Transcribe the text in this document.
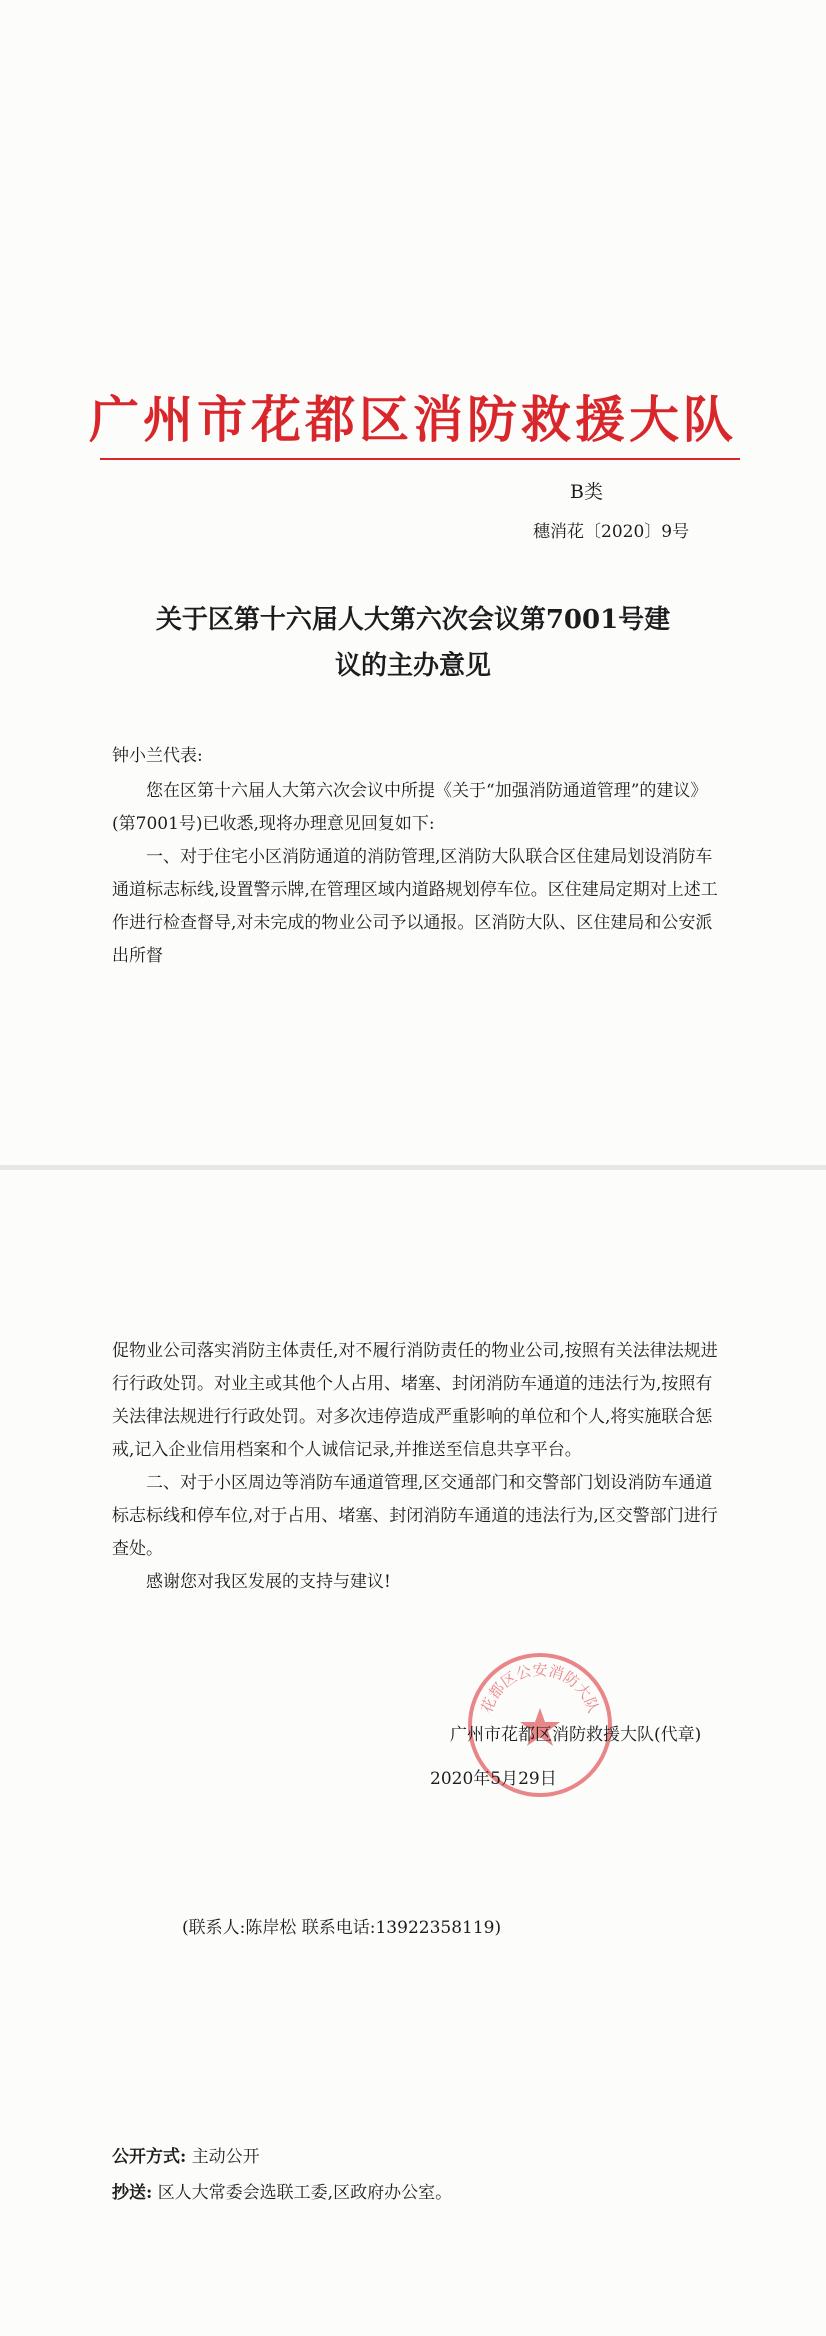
广州市花都区消防救援大队
B类
穗消花〔2020〕9号
关于区第十六届人大第六次会议第7001号建
议的主办意见
钟小兰代表:

您在区第十六届人大第六次会议中所提《关于“加强消防通道管理”的建议》(第7001号)已收悉,现将办理意见回复如下:

一、对于住宅小区消防通道的消防管理,区消防大队联合区住建局划设消防车通道标志标线,设置警示牌,在管理区域内道路规划停车位。区住建局定期对上述工作进行检查督导,对未完成的物业公司予以通报。区消防大队、区住建局和公安派出所督

促物业公司落实消防主体责任,对不履行消防责任的物业公司,按照有关法律法规进行行政处罚。对业主或其他个人占用、堵塞、封闭消防车通道的违法行为,按照有关法律法规进行行政处罚。对多次违停造成严重影响的单位和个人,将实施联合惩戒,记入企业信用档案和个人诚信记录,并推送至信息共享平台。

二、对于小区周边等消防车通道管理,区交通部门和交警部门划设消防车通道标志标线和停车位,对于占用、堵塞、封闭消防车通道的违法行为,区交警部门进行查处。

感谢您对我区发展的支持与建议!

花都区公安消防大队
广州市花都区消防救援大队(代章)
2020年5月29日
(联系人:陈岸松 联系电话:13922358119)
公开方式: 主动公开
抄送: 区人大常委会选联工委,区政府办公室。
